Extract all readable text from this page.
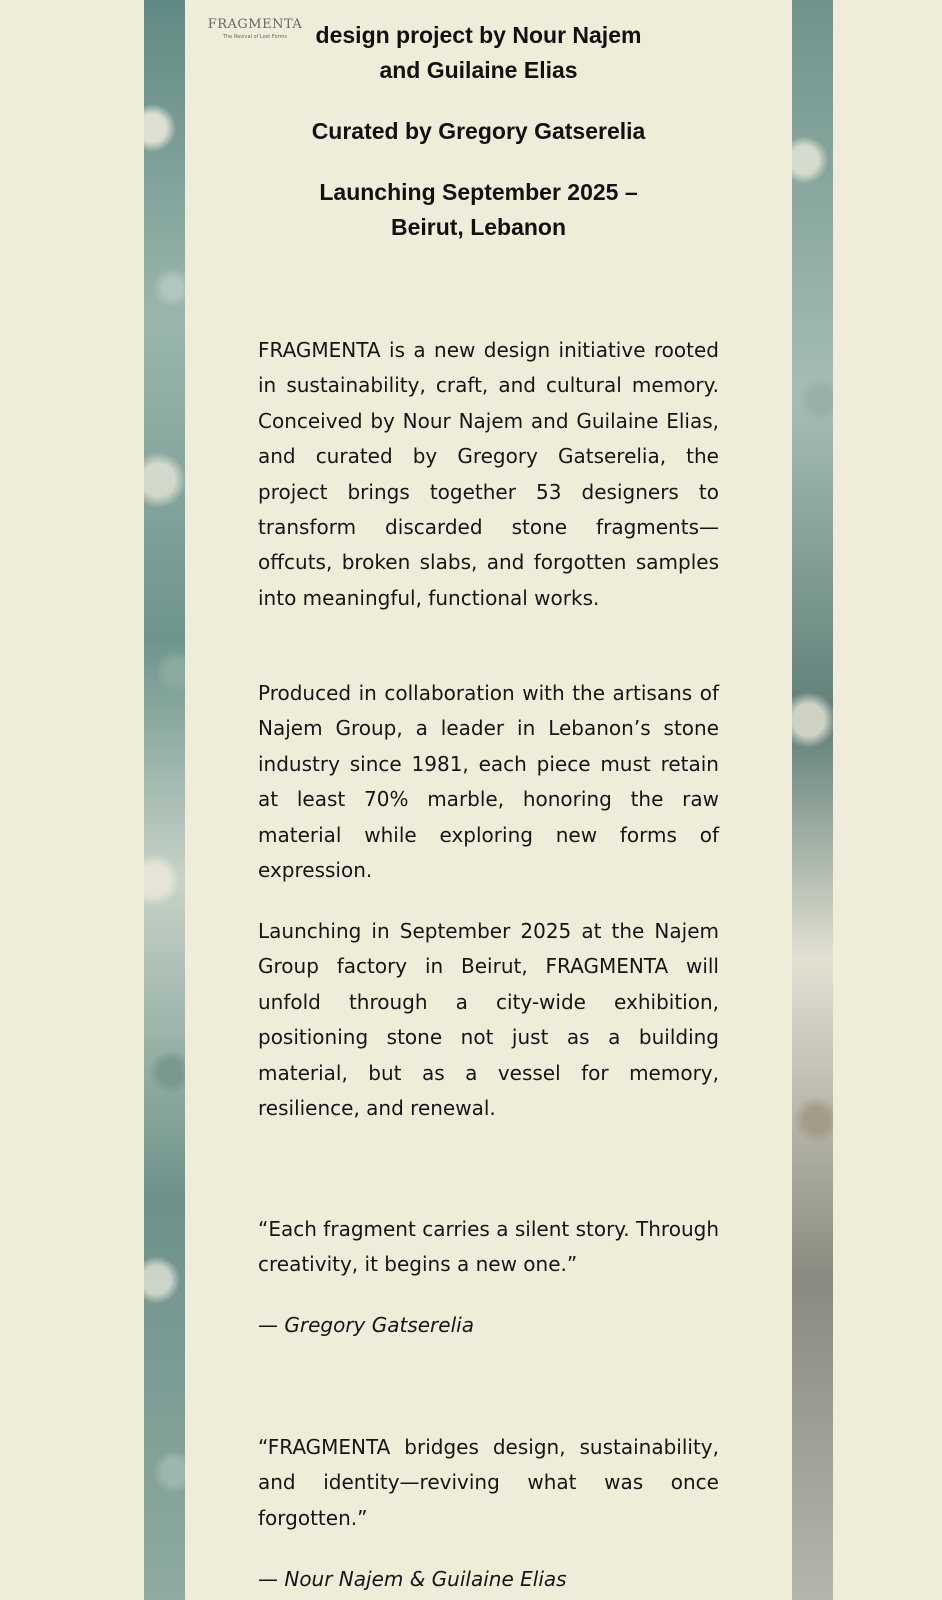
FRAGMENTA
The Revival of Lost Forms	design project by Nour Najem and Guilaine Elias
Curated by Gregory Gatserelia
Launching September 2025 – Beirut, Lebanon

FRAGMENTA is a new design initiative rooted in sustainability, craft, and cultural memory. Conceived by Nour Najem and Guilaine Elias, and curated by Gregory Gatserelia, the project brings together 53 designers to transform discarded stone fragments—offcuts, broken slabs, and forgotten samples into meaningful, functional works.

Produced in collaboration with the artisans of Najem Group, a leader in Lebanon’s stone industry since 1981, each piece must retain at least 70% marble, honoring the raw material while exploring new forms of expression.

Launching in September 2025 at the Najem Group factory in Beirut, FRAGMENTA will unfold through a city-wide exhibition, positioning stone not just as a building material, but as a vessel for memory, resilience, and renewal.

“Each fragment carries a silent story. Through creativity, it begins a new one.”

— Gregory Gatserelia

“FRAGMENTA bridges design, sustainability, and identity—reviving what was once forgotten.”

— Nour Najem & Guilaine Elias
